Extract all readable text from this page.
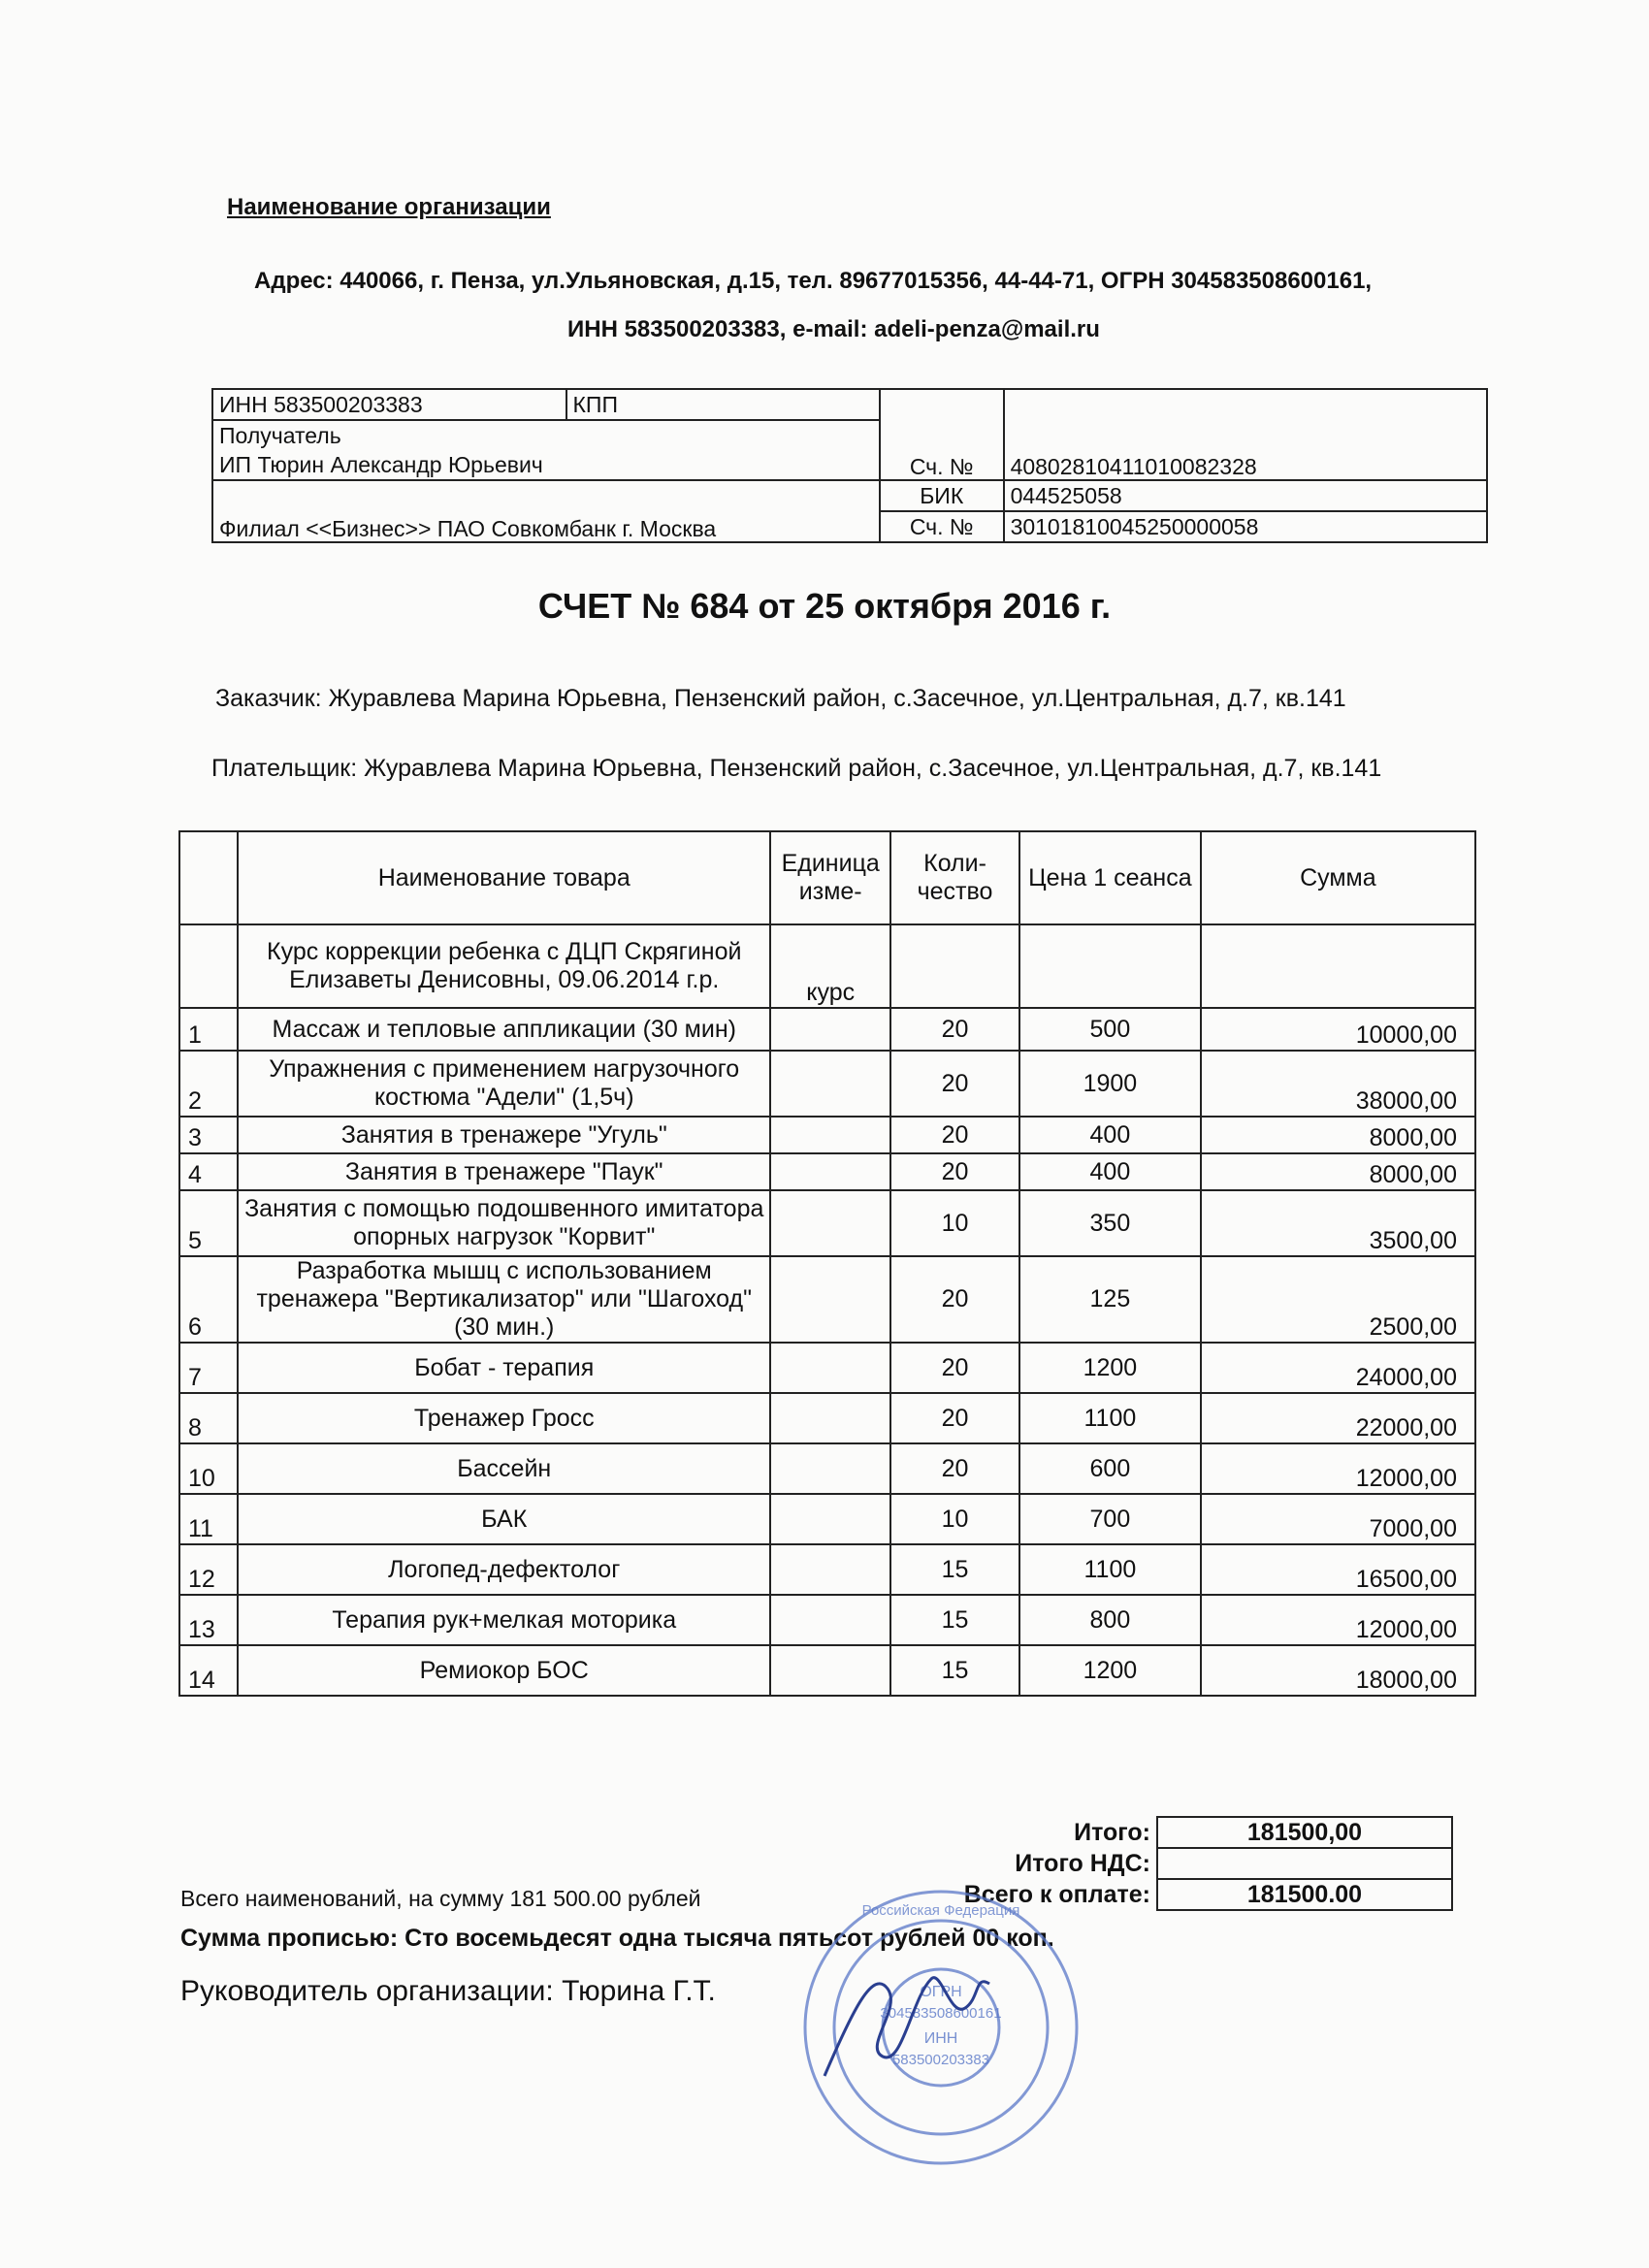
Наименование организации
Адрес: 440066, г. Пенза, ул.Ульяновская, д.15, тел. 89677015356, 44-44-71, ОГРН 304583508600161,
ИНН 583500203383, e-mail: adeli-penza@mail.ru
ИНН 583500203383	КПП		
Получатель		Сч. №	40802810411010082328
ИП Тюрин Александр Юрьевич			
Филиал <<Бизнес>> ПАО Совкомбанк г. Москва		БИК	044525058
		Сч. №	30101810045250000058
СЧЕТ № 684 от 25 октября 2016 г.
Заказчик: Журавлева Марина Юрьевна, Пензенский район, с.Засечное, ул.Центральная, д.7, кв.141
Плательщик: Журавлева Марина Юрьевна, Пензенский район, с.Засечное, ул.Центральная, д.7, кв.141
	Наименование товара	Единица изме-	Коли-чество	Цена 1 сеанса	Сумма
	Курс коррекции ребенка с ДЦП Скрягиной Елизаветы Денисовны, 09.06.2014 г.р.	курс			
1	Массаж и тепловые аппликации (30 мин)		20	500	10000,00
2	Упражнения с применением нагрузочного костюма "Адели" (1,5ч)		20	1900	38000,00
3	Занятия в тренажере "Угуль"		20	400	8000,00
4	Занятия в тренажере "Паук"		20	400	8000,00
5	Занятия с помощью подошвенного имитатора опорных нагрузок "Корвит"		10	350	3500,00
6	Разработка мышц с использованием тренажера "Вертикализатор" или "Шагоход" (30 мин.)		20	125	2500,00
7	Бобат - терапия		20	1200	24000,00
8	Тренажер Гросс		20	1100	22000,00
10	Бассейн		20	600	12000,00
11	БАК		10	700	7000,00
12	Логопед-дефектолог		15	1100	16500,00
13	Терапия рук+мелкая моторика		15	800	12000,00
14	Ремиокор БОС		15	1200	18000,00
Итого:	181500,00
Итого НДС:	
Всего к оплате:	181500.00
Всего наименований, на сумму 181 500.00 рублей
Сумма прописью: Сто восемьдесят одна тысяча пятьсот рублей 00 коп.
Руководитель организации: Тюрина Г.Т.
Российская Федерация
ОГРН
304583508600161
ИНН
583500203383
